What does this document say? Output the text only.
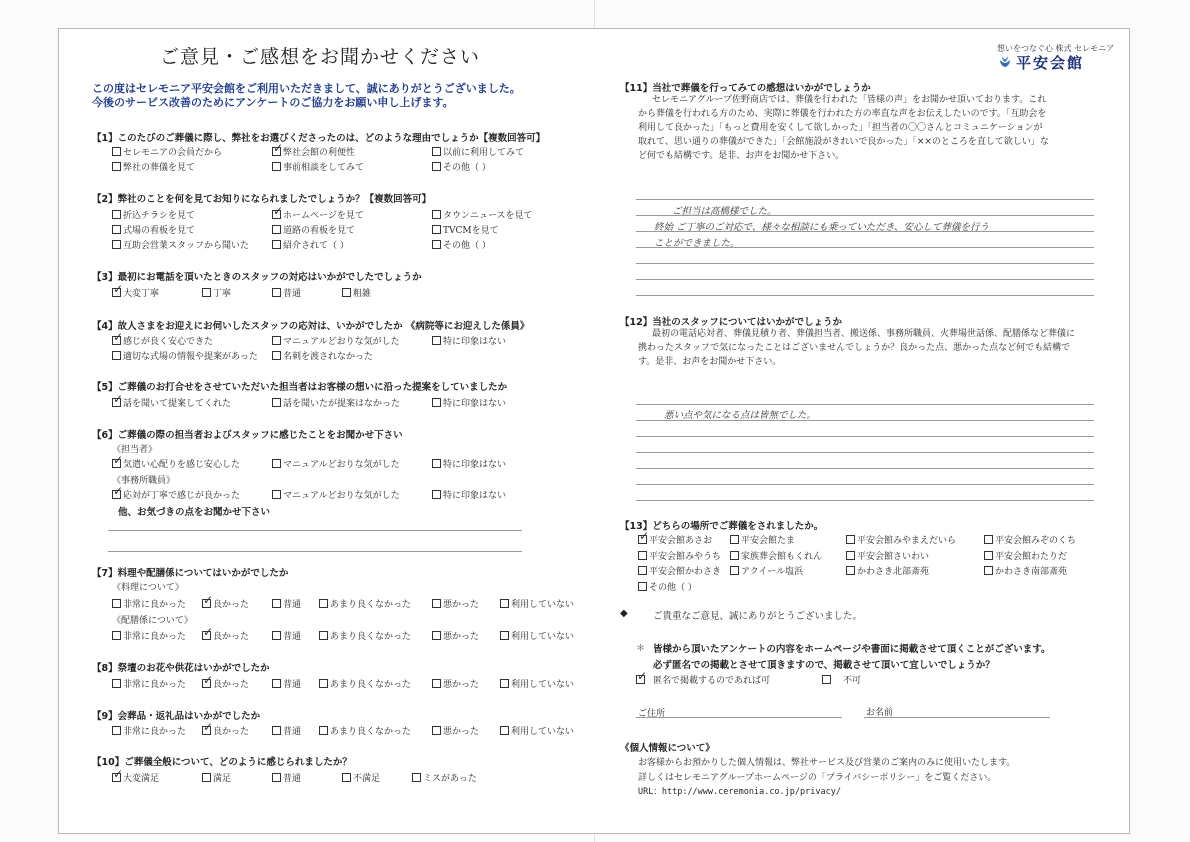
ご意見・ご感想をお聞かせください
この度はセレモニア平安会館をご利用いただきまして、誠にありがとうございました。
今後のサービス改善のためにアンケートのご協力をお願い申し上げます。
【1】このたびのご葬儀に際し、弊社をお選びくださったのは、どのような理由でしょうか【複数回答可】
セレモニアの会員だから ✓	弊社会館の利便性	以前に利用してみて
弊社の葬儀を見て	事前相談をしてみて	その他（ ）
【2】弊社のことを何を見てお知りになられましたでしょうか？【複数回答可】
折込チラシを見て ✓	ホームページを見て	タウンニュースを見て
式場の看板を見て	道路の看板を見て	TVCMを見て
互助会営業スタッフから聞いた	紹介されて（ ）	その他（ ）
【3】最初にお電話を頂いたときのスタッフの対応はいかがでしたでしょうか
✓大変丁寧	丁寧	普通	粗雑
【4】故人さまをお迎えにお伺いしたスタッフの応対は、いかがでしたか 《病院等にお迎えした係員》
✓感じが良く安心できた	マニュアルどおりな気がした	特に印象はない
適切な式場の情報や提案があった	名刺を渡されなかった
【5】ご葬儀のお打合せをさせていただいた担当者はお客様の想いに沿った提案をしていましたか
✓話を聞いて提案してくれた	話を聞いたが提案はなかった	特に印象はない
【6】ご葬儀の際の担当者およびスタッフに感じたことをお聞かせ下さい
《担当者》
✓気遣い心配りを感じ安心した	マニュアルどおりな気がした	特に印象はない
《事務所職員》
✓応対が丁寧で感じが良かった	マニュアルどおりな気がした	特に印象はない
他、お気づきの点をお聞かせ下さい
【7】料理や配膳係についてはいかがでしたか
《料理について》
非常に良かった ✓	良かった	普通	あまり良くなかった	悪かった	利用していない
《配膳係について》
非常に良かった ✓	良かった	普通	あまり良くなかった	悪かった	利用していない
【8】祭壇のお花や供花はいかがでしたか
非常に良かった ✓	良かった	普通	あまり良くなかった	悪かった	利用していない
【9】会葬品・返礼品はいかがでしたか
非常に良かった ✓	良かった	普通	あまり良くなかった	悪かった	利用していない
【10】ご葬儀全般について、どのように感じられましたか？
✓大変満足	満足	普通	不満足	ミスがあった
想いをつなぐ心 株式 セレモニア
平安会館
【11】当社で葬儀を行ってみての感想はいかがでしょうか
セレモニアグループ佐野商店では、葬儀を行われた「皆様の声」をお聞かせ頂いております。これから葬儀を行われる方のため、実際に葬儀を行われた方の率直な声をお伝えしたいのです。「互助会を利用して良かった」「もっと費用を安くして欲しかった」「担当者の〇〇さんとコミュニケーションが取れて、思い通りの葬儀ができた」「会館施設がきれいで良かった」「××のところを直して欲しい」など何でも結構です。是非、お声をお聞かせ下さい。
ご担当は高橋様でした。
終始 ご丁寧のご対応で、様々な相談にも乗っていただき、安心して葬儀を行う
ことができました。
【12】当社のスタッフについてはいかがでしょうか
最初の電話応対者、葬儀見積り者、葬儀担当者、搬送係、事務所職員、火葬場世話係、配膳係など葬儀に携わったスタッフで気になったことはございませんでしょうか？良かった点、悪かった点など何でも結構です。是非、お声をお聞かせ下さい。
悪い点や気になる点は皆無でした。
【13】どちらの場所でご葬儀をされましたか。
✓平安会館あさお	平安会館たま	平安会館みやまえだいら	平安会館みぞのくち
平安会館みやうち	家族葬会館もくれん	平安会館さいわい	平安会館わたりだ
平安会館かわさき	アクイール塩浜	かわさき北部斎苑	かわさき南部斎苑
その他（ ）
◆	ご貴重なご意見、誠にありがとうございました。
＊ 皆様から頂いたアンケートの内容をホームページや書面に掲載させて頂くことがございます。
必ず匿名での掲載とさせて頂きますので、掲載させて頂いて宜しいでしょうか？
✓匿名で掲載するのであれば可	不可
ご住所	お名前
《個人情報について》
お客様からお預かりした個人情報は、弊社サービス及び営業のご案内のみに使用いたします。
詳しくはセレモニアグループホームページの「プライバシーポリシー」をご覧ください。
URL：http://www.ceremonia.co.jp/privacy/
